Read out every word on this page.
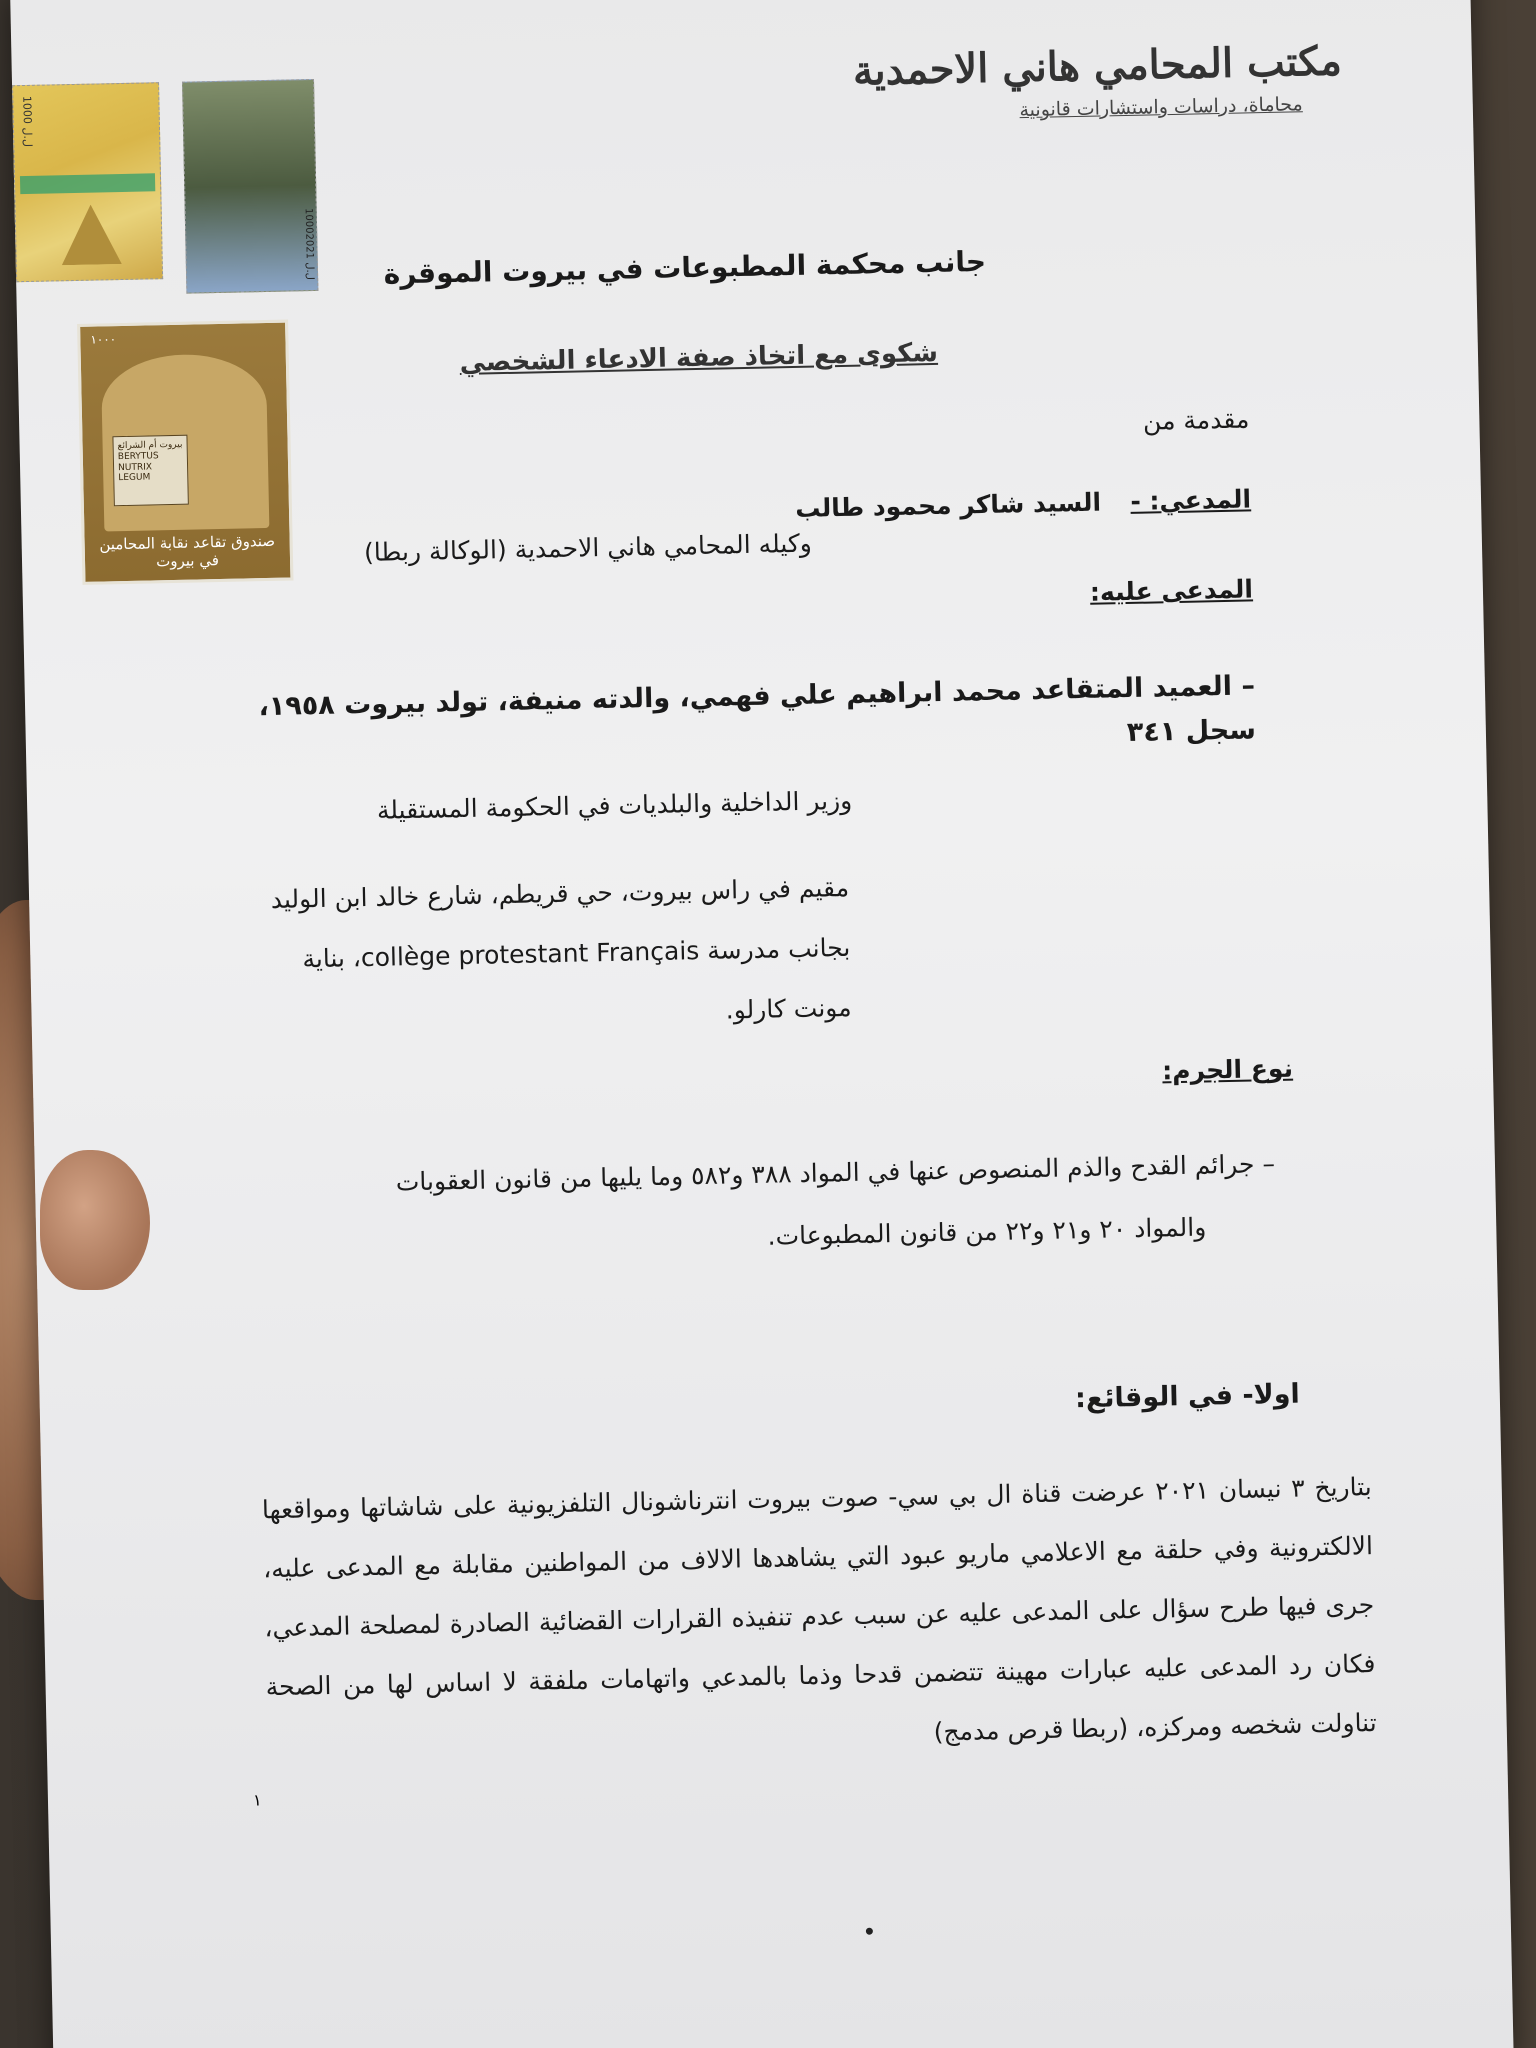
مكتب المحامي هاني الاحمدية
محاماة، دراسات واستشارات قانونية
1000 ل.ل
1000ل.ل 2021
١٠٠٠
بيروت أم الشرائع BERYTUS NUTRIX LEGUM
صندوق تقاعد نقابة المحامين في بيروت
جانب محكمة المطبوعات في بيروت الموقرة
شكوى مع اتخاذ صفة الادعاء الشخصي
مقدمة من
المدعي: -
السيد شاكر محمود طالب
وكيله المحامي هاني الاحمدية (الوكالة ربطا)
المدعى عليه:
– العميد المتقاعد محمد ابراهيم علي فهمي، والدته منيفة، تولد بيروت ١٩٥٨، سجل ٣٤١
وزير الداخلية والبلديات في الحكومة المستقيلة
مقيم في راس بيروت، حي قريطم، شارع خالد ابن الوليد
بجانب مدرسة collège protestant Français، بناية
مونت كارلو.
نوع الجرم:
– جرائم القدح والذم المنصوص عنها في المواد ٣٨٨ و٥٨٢ وما يليها من قانون العقوبات
والمواد ٢٠ و٢١ و٢٢ من قانون المطبوعات.
اولا- في الوقائع:
بتاريخ ٣ نيسان ٢٠٢١ عرضت قناة ال بي سي- صوت بيروت انترناشونال التلفزيونية على شاشاتها ومواقعها الالكترونية وفي حلقة مع الاعلامي ماريو عبود التي يشاهدها الالاف من المواطنين مقابلة مع المدعى عليه، جرى فيها طرح سؤال على المدعى عليه عن سبب عدم تنفيذه القرارات القضائية الصادرة لمصلحة المدعي، فكان رد المدعى عليه عبارات مهينة تتضمن قدحا وذما بالمدعي واتهامات ملفقة لا اساس لها من الصحة تناولت شخصه ومركزه، (ربطا قرص مدمج)
١
